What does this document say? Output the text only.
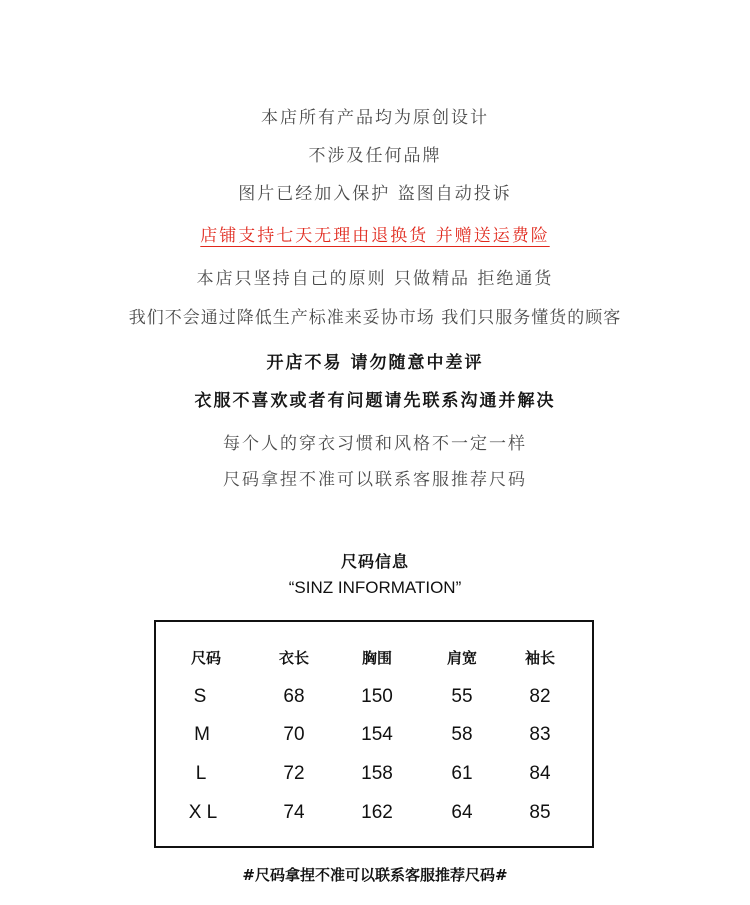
本店所有产品均为原创设计
不涉及任何品牌
图片已经加入保护 盗图自动投诉
店铺支持七天无理由退换货 并赠送运费险
本店只坚持自己的原则 只做精品 拒绝通货
我们不会通过降低生产标准来妥协市场 我们只服务懂货的顾客
开店不易 请勿随意中差评
衣服不喜欢或者有问题请先联系沟通并解决
每个人的穿衣习惯和风格不一定一样
尺码拿捏不准可以联系客服推荐尺码
尺码信息
“SINZ INFORMATION”
尺码	衣长	胸围	肩宽	袖长
S	68	150	55	82
M	70	154	58	83
L	72	158	61	84
X L	74	162	64	85
#尺码拿捏不准可以联系客服推荐尺码#
